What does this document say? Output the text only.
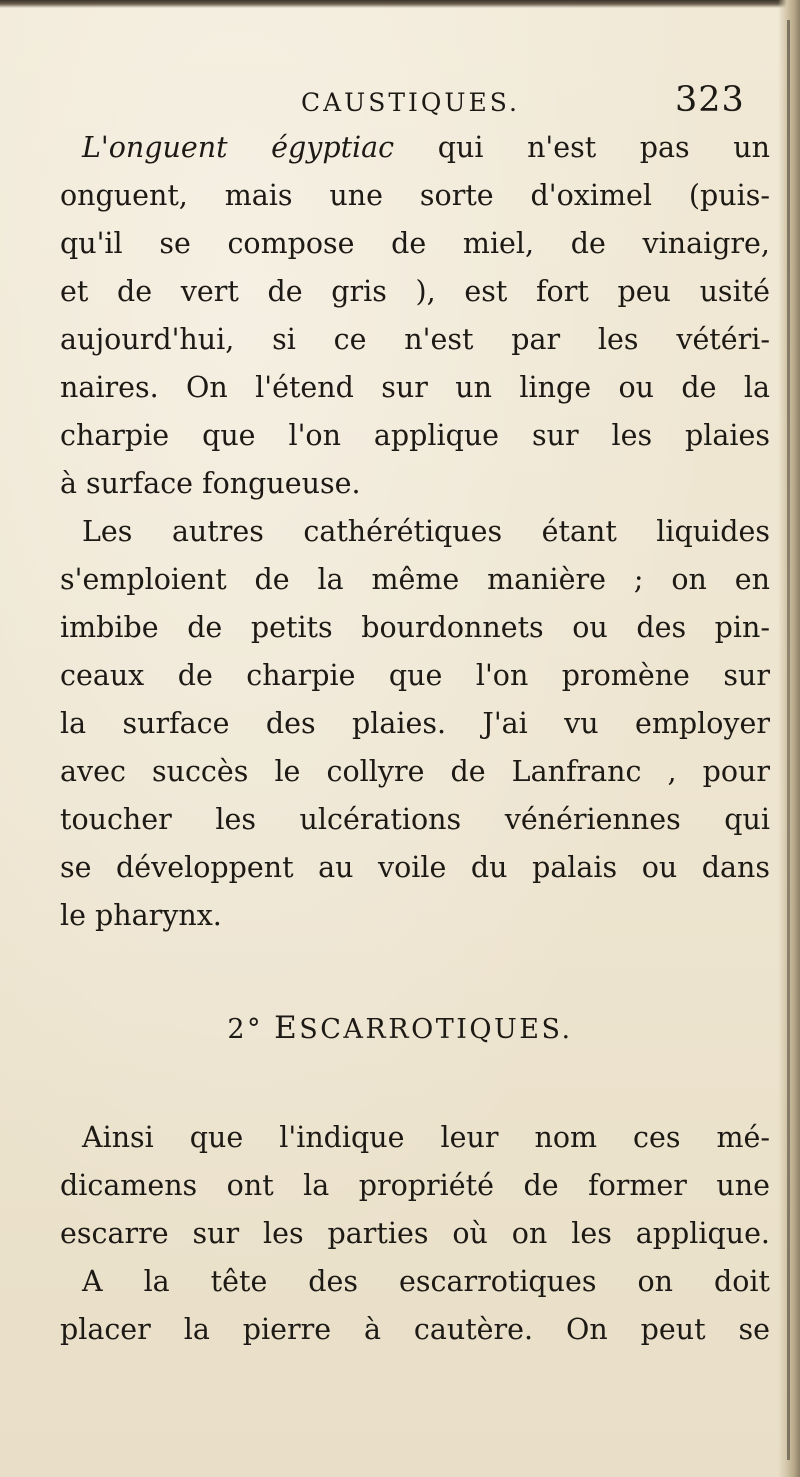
CAUSTIQUES.	323
L'onguent égyptiac qui n'est pas un
onguent, mais une sorte d'oximel (puis-
qu'il se compose de miel, de vinaigre,
et de vert de gris ), est fort peu usité
aujourd'hui, si ce n'est par les vétéri-
naires. On l'étend sur un linge ou de la
charpie que l'on applique sur les plaies
à surface fongueuse.
Les autres cathérétiques étant liquides
s'emploient de la même manière ; on en
imbibe de petits bourdonnets ou des pin-
ceaux de charpie que l'on promène sur
la surface des plaies. J'ai vu employer
avec succès le collyre de Lanfranc , pour
toucher les ulcérations vénériennes qui
se développent au voile du palais ou dans
le pharynx.
2° ESCARROTIQUES.
Ainsi que l'indique leur nom ces mé-
dicamens ont la propriété de former une
escarre sur les parties où on les applique.
A la tête des escarrotiques on doit
placer la pierre à cautère. On peut se
